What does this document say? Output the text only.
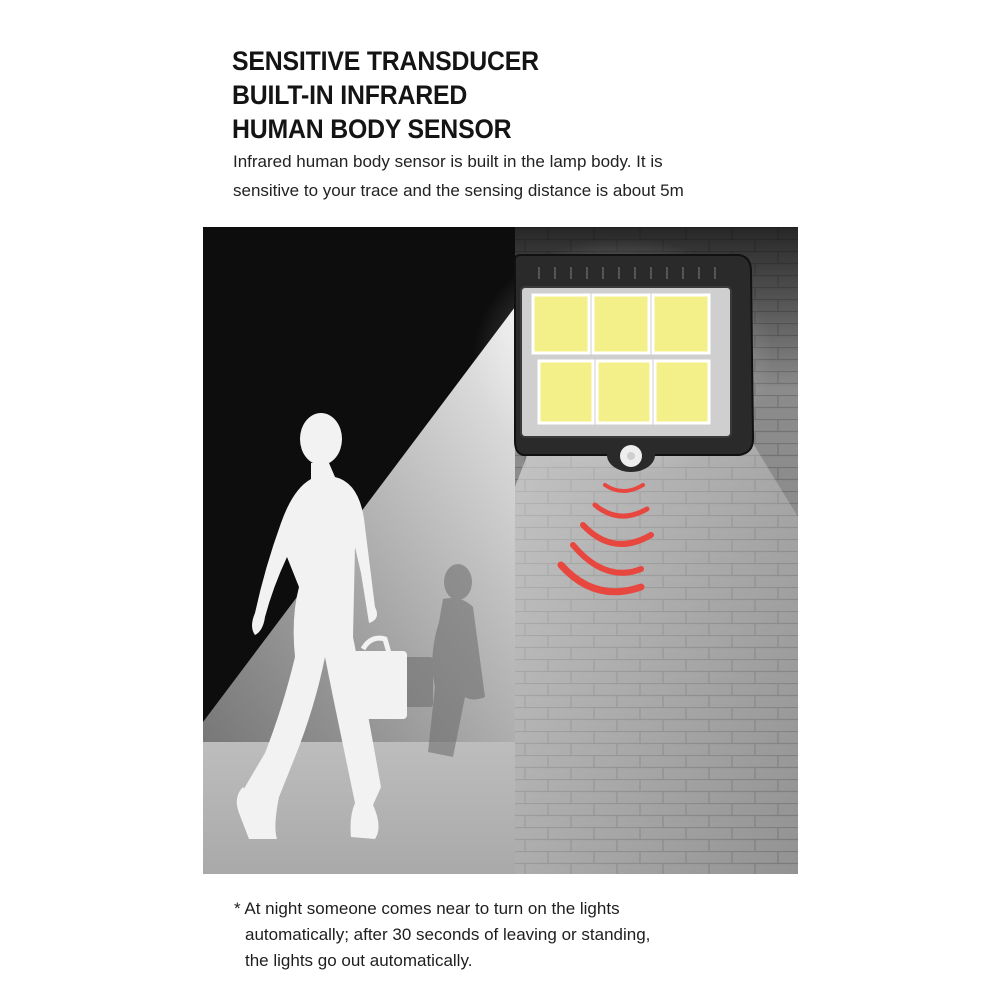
SENSITIVE TRANSDUCER
BUILT-IN INFRARED
HUMAN BODY SENSOR

Infrared human body sensor is built in the lamp body. It is
sensitive to your trace and the sensing distance is about 5m

* At night someone comes near to turn on the lights
automatically; after 30 seconds of leaving or standing,
the lights go out automatically.
